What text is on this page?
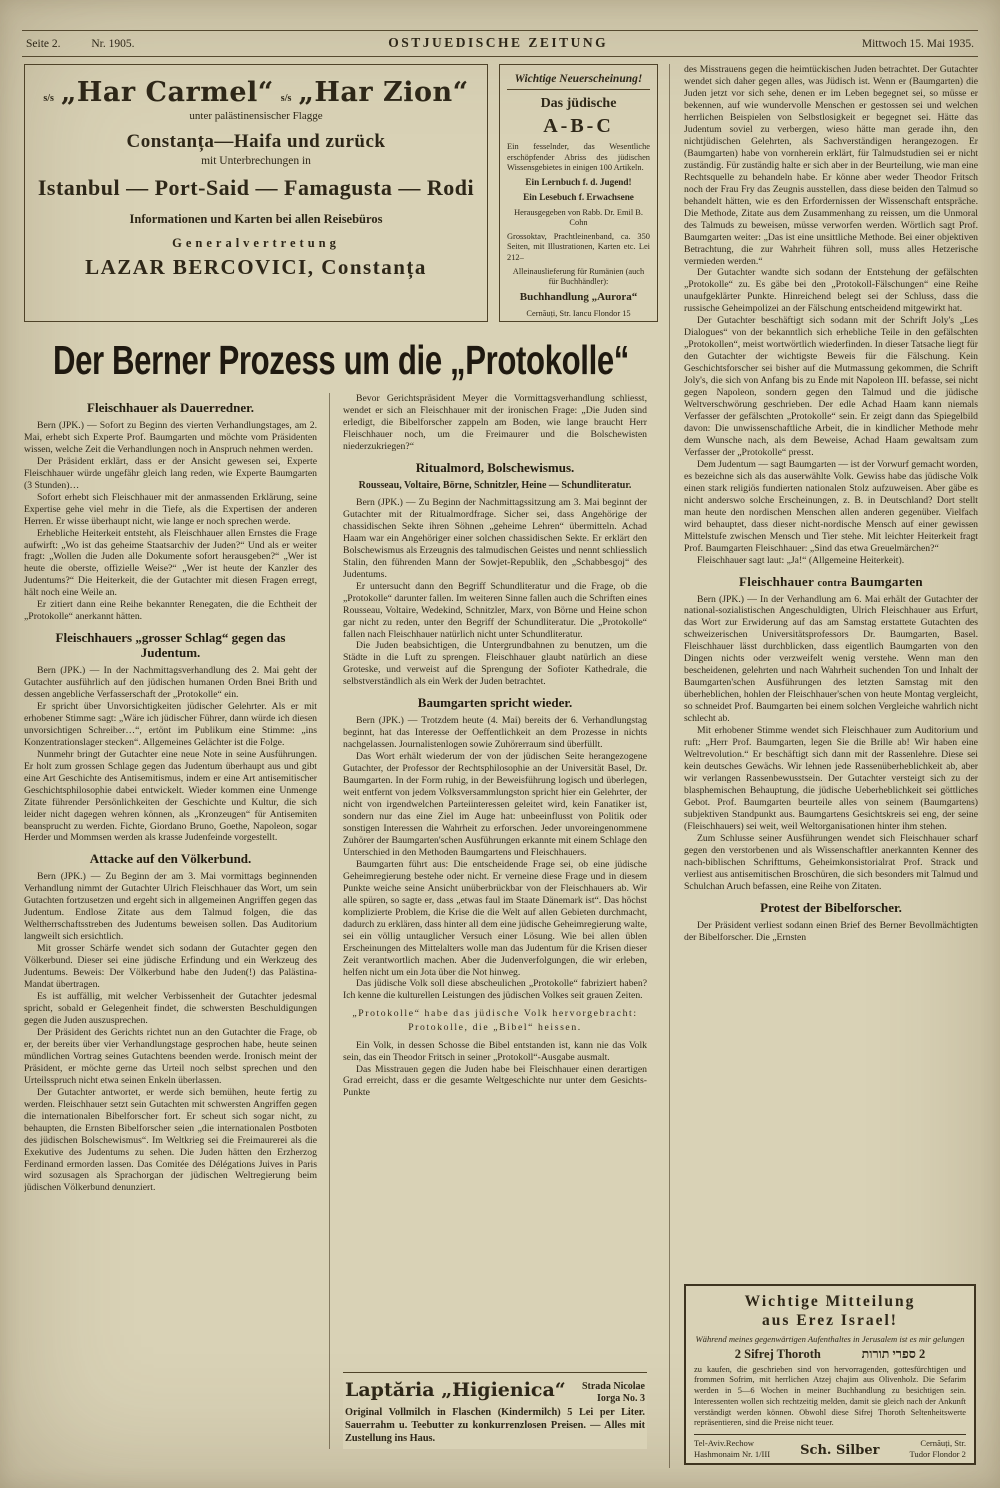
Seite 2.	Nr. 1905.	OSTJUEDISCHE ZEITUNG	Mittwoch 15. Mai 1935.
s/s „Har Carmel“ s/s „Har Zion“
unter palästinensischer Flagge
Constanța—Haifa und zurück
mit Unterbrechungen in
Istanbul — Port-Said — Famagusta — Rodi
Informationen und Karten bei allen Reisebüros
Generalvertretung
LAZAR BERCOVICI, Constanța
Wichtige Neuerscheinung!
Das jüdische
A-B-C
Ein fesselnder, das Wesentliche erschöpfender Abriss des jüdischen Wissensgebietes in einigen 100 Artikeln.
Ein Lernbuch f. d. Jugend!
Ein Lesebuch f. Erwachsene
Herausgegeben von Rabb. Dr. Emil B. Cohn
Grossoktav, Prachtleinenband, ca. 350 Seiten, mit Illustrationen, Karten etc. Lei 212–
Alleinauslieferung für Rumänien (auch für Buchhändler):
Buchhandlung „Aurora“
Cernăuți, Str. Iancu Flondor 15
Der Berner Prozess um die „Protokolle“
Fleischhauer als Dauerredner.

Bern (JPK.) — Sofort zu Beginn des vierten Verhandlungstages, am 2. Mai, erhebt sich Experte Prof. Baumgarten und möchte vom Präsidenten wissen, welche Zeit die Verhandlungen noch in Anspruch nehmen werden.

Der Präsident erklärt, dass er der Ansicht gewesen sei, Experte Fleischhauer würde ungefähr gleich lang reden, wie Experte Baumgarten (3 Stunden)…

Sofort erhebt sich Fleischhauer mit der anmassenden Erklärung, seine Expertise gehe viel mehr in die Tiefe, als die Expertisen der anderen Herren. Er wisse überhaupt nicht, wie lange er noch sprechen werde.

Erhebliche Heiterkeit entsteht, als Fleischhauer allen Ernstes die Frage aufwirft: „Wo ist das geheime Staatsarchiv der Juden?“ Und als er weiter fragt: „Wollen die Juden alle Dokumente sofort herausgeben?“ „Wer ist heute die oberste, offizielle Weise?“ „Wer ist heute der Kanzler des Judentums?“ Die Heiterkeit, die der Gutachter mit diesen Fragen erregt, hält noch eine Weile an.

Er zitiert dann eine Reihe bekannter Renegaten, die die Echtheit der „Protokolle“ anerkannt hätten.

Fleischhauers „grosser Schlag“ gegen das Judentum.

Bern (JPK.) — In der Nachmittagsverhandlung des 2. Mai geht der Gutachter ausführlich auf den jüdischen humanen Orden Bnei Brith und dessen angebliche Verfasserschaft der „Protokolle“ ein.

Er spricht über Unvorsichtigkeiten jüdischer Gelehrter. Als er mit erhobener Stimme sagt: „Wäre ich jüdischer Führer, dann würde ich diesen unvorsichtigen Schreiber…“, ertönt im Publikum eine Stimme: „ins Konzentrationslager stecken“. Allgemeines Gelächter ist die Folge.

Nunmehr bringt der Gutachter eine neue Note in seine Ausführungen. Er holt zum grossen Schlage gegen das Judentum überhaupt aus und gibt eine Art Geschichte des Antisemitismus, indem er eine Art antisemitischer Geschichtsphilosophie dabei entwickelt. Wieder kommen eine Unmenge Zitate führender Persönlichkeiten der Geschichte und Kultur, die sich leider nicht dagegen wehren können, als „Kronzeugen“ für Antisemiten beansprucht zu werden. Fichte, Giordano Bruno, Goethe, Napoleon, sogar Herder und Mommsen werden als krasse Judenfeinde vorgestellt.

Attacke auf den Völkerbund.

Bern (JPK.) — Zu Beginn der am 3. Mai vormittags beginnenden Verhandlung nimmt der Gutachter Ulrich Fleischhauer das Wort, um sein Gutachten fortzusetzen und ergeht sich in allgemeinen Angriffen gegen das Judentum. Endlose Zitate aus dem Talmud folgen, die das Weltherrschaftsstreben des Judentums beweisen sollen. Das Auditorium langweilt sich ersichtlich.

Mit grosser Schärfe wendet sich sodann der Gutachter gegen den Völkerbund. Dieser sei eine jüdische Erfindung und ein Werkzeug des Judentums. Beweis: Der Völkerbund habe den Juden(!) das Palästina-Mandat übertragen.

Es ist auffällig, mit welcher Verbissenheit der Gutachter jedesmal spricht, sobald er Gelegenheit findet, die schwersten Beschuldigungen gegen die Juden auszusprechen.

Der Präsident des Gerichts richtet nun an den Gutachter die Frage, ob er, der bereits über vier Verhandlungstage gesprochen habe, heute seinen mündlichen Vortrag seines Gutachtens beenden werde. Ironisch meint der Präsident, er möchte gerne das Urteil noch selbst sprechen und den Urteilsspruch nicht etwa seinen Enkeln überlassen.

Der Gutachter antwortet, er werde sich bemühen, heute fertig zu werden. Fleischhauer setzt sein Gutachten mit schwersten Angriffen gegen die internationalen Bibelforscher fort. Er scheut sich sogar nicht, zu behaupten, die Ernsten Bibelforscher seien „die internationalen Postboten des jüdischen Bolschewismus“. Im Weltkrieg sei die Freimaurerei als die Exekutive des Judentums zu sehen. Die Juden hätten den Erzherzog Ferdinand ermorden lassen. Das Comitée des Délégations Juives in Paris wird sozusagen als Sprachorgan der jüdischen Weltregierung beim jüdischen Völkerbund denunziert.

Bevor Gerichtspräsident Meyer die Vormittagsverhandlung schliesst, wendet er sich an Fleischhauer mit der ironischen Frage: „Die Juden sind erledigt, die Bibelforscher zappeln am Boden, wie lange braucht Herr Fleischhauer noch, um die Freimaurer und die Bolschewisten niederzukriegen?“

Ritualmord, Bolschewismus.
Rousseau, Voltaire, Börne, Schnitzler, Heine — Schundliteratur.

Bern (JPK.) — Zu Beginn der Nachmittagssitzung am 3. Mai beginnt der Gutachter mit der Ritualmordfrage. Sicher sei, dass Angehörige der chassidischen Sekte ihren Söhnen „geheime Lehren“ übermitteln. Achad Haam war ein Angehöriger einer solchen chassidischen Sekte. Er erklärt den Bolschewismus als Erzeugnis des talmudischen Geistes und nennt schliesslich Stalin, den führenden Mann der Sowjet-Republik, den „Schabbesgoj“ des Judentums.

Er untersucht dann den Begriff Schundliteratur und die Frage, ob die „Protokolle“ darunter fallen. Im weiteren Sinne fallen auch die Schriften eines Rousseau, Voltaire, Wedekind, Schnitzler, Marx, von Börne und Heine schon gar nicht zu reden, unter den Begriff der Schundliteratur. Die „Protokolle“ fallen nach Fleischhauer natürlich nicht unter Schundliteratur.

Die Juden beabsichtigen, die Untergrundbahnen zu benutzen, um die Städte in die Luft zu sprengen. Fleischhauer glaubt natürlich an diese Groteske, und verweist auf die Sprengung der Sofioter Kathedrale, die selbstverständlich als ein Werk der Juden betrachtet.

Baumgarten spricht wieder.

Bern (JPK.) — Trotzdem heute (4. Mai) bereits der 6. Verhandlungstag beginnt, hat das Interesse der Oeffentlichkeit an dem Prozesse in nichts nachgelassen. Journalistenlogen sowie Zuhörerraum sind überfüllt.

Das Wort erhält wiederum der von der jüdischen Seite herangezogene Gutachter, der Professor der Rechtsphilosophie an der Universität Basel, Dr. Baumgarten. In der Form ruhig, in der Beweisführung logisch und überlegen, weit entfernt von jedem Volksversammlungston spricht hier ein Gelehrter, der nicht von irgendwelchen Parteiinteressen geleitet wird, kein Fanatiker ist, sondern nur das eine Ziel im Auge hat: unbeeinflusst von Politik oder sonstigen Interessen die Wahrheit zu erforschen. Jeder unvoreingenommene Zuhörer der Baumgarten'schen Ausführungen erkannte mit einem Schlage den Unterschied in den Methoden Baumgartens und Fleischhauers.

Baumgarten führt aus: Die entscheidende Frage sei, ob eine jüdische Geheimregierung bestehe oder nicht. Er verneine diese Frage und in diesem Punkte weiche seine Ansicht unüberbrückbar von der Fleischhauers ab. Wir alle spüren, so sagte er, dass „etwas faul im Staate Dänemark ist“. Das höchst komplizierte Problem, die Krise die die Welt auf allen Gebieten durchmacht, dadurch zu erklären, dass hinter all dem eine jüdische Geheimregierung walte, sei ein völlig untauglicher Versuch einer Lösung. Wie bei allen üblen Erscheinungen des Mittelalters wolle man das Judentum für die Krisen dieser Zeit verantwortlich machen. Aber die Judenverfolgungen, die wir erleben, helfen nicht um ein Jota über die Not hinweg.

Das jüdische Volk soll diese abscheulichen „Protokolle“ fabriziert haben? Ich kenne die kulturellen Leistungen des jüdischen Volkes seit grauen Zeiten.

„Protokolle“ habe das jüdische Volk hervorgebracht: Protokolle, die „Bibel“ heissen.

Ein Volk, in dessen Schosse die Bibel entstanden ist, kann nie das Volk sein, das ein Theodor Fritsch in seiner „Protokoll“-Ausgabe ausmalt.

Das Misstrauen gegen die Juden habe bei Fleischhauer einen derartigen Grad erreicht, dass er die gesamte Weltgeschichte nur unter dem Gesichts-Punkte

Laptăria „Higienica“ Strada Nicolae
Iorga No. 3

Original Vollmilch in Flaschen (Kindermilch) 5 Lei per Liter. Sauerrahm u. Teebutter zu konkurrenzlosen Preisen. — Alles mit Zustellung ins Haus.

des Misstrauens gegen die heimtückischen Juden betrachtet. Der Gutachter wendet sich daher gegen alles, was Jüdisch ist. Wenn er (Baumgarten) die Juden jetzt vor sich sehe, denen er im Leben begegnet sei, so müsse er bekennen, auf wie wundervolle Menschen er gestossen sei und welchen herrlichen Beispielen von Selbstlosigkeit er begegnet sei. Hätte das Judentum soviel zu verbergen, wieso hätte man gerade ihn, den nichtjüdischen Gelehrten, als Sachverständigen herangezogen. Er (Baumgarten) habe von vornherein erklärt, für Talmudstudien sei er nicht zuständig. Für zuständig halte er sich aber in der Beurteilung, wie man eine Rechtsquelle zu behandeln habe. Er könne aber weder Theodor Fritsch noch der Frau Fry das Zeugnis ausstellen, dass diese beiden den Talmud so behandelt hätten, wie es den Erfordernissen der Wissenschaft entspräche. Die Methode, Zitate aus dem Zusammenhang zu reissen, um die Unmoral des Talmuds zu beweisen, müsse verworfen werden. Wörtlich sagt Prof. Baumgarten weiter: „Das ist eine unsittliche Methode. Bei einer objektiven Betrachtung, die zur Wahrheit führen soll, muss alles Hetzerische vermieden werden.“

Der Gutachter wandte sich sodann der Entstehung der gefälschten „Protokolle“ zu. Es gäbe bei den „Protokoll-Fälschungen“ eine Reihe unaufgeklärter Punkte. Hinreichend belegt sei der Schluss, dass die russische Geheimpolizei an der Fälschung entscheidend mitgewirkt hat.

Der Gutachter beschäftigt sich sodann mit der Schrift Joly's „Les Dialogues“ von der bekanntlich sich erhebliche Teile in den gefälschten „Protokollen“, meist wortwörtlich wiederfinden. In dieser Tatsache liegt für den Gutachter der wichtigste Beweis für die Fälschung. Kein Geschichtsforscher sei bisher auf die Mutmassung gekommen, die Schrift Joly's, die sich von Anfang bis zu Ende mit Napoleon III. befasse, sei nicht gegen Napoleon, sondern gegen den Talmud und die jüdische Weltverschwörung geschrieben. Der edle Achad Haam kann niemals Verfasser der gefälschten „Protokolle“ sein. Er zeigt dann das Spiegelbild davon: Die unwissenschaftliche Arbeit, die in kindlicher Methode mehr dem Wunsche nach, als dem Beweise, Achad Haam gewaltsam zum Verfasser der „Protokolle“ presst.

Dem Judentum — sagt Baumgarten — ist der Vorwurf gemacht worden, es bezeichne sich als das auserwählte Volk. Gewiss habe das jüdische Volk einen stark religiös fundierten nationalen Stolz aufzuweisen. Aber gäbe es nicht anderswo solche Erscheinungen, z. B. in Deutschland? Dort stellt man heute den nordischen Menschen allen anderen gegenüber. Vielfach wird behauptet, dass dieser nicht-nordische Mensch auf einer gewissen Mittelstufe zwischen Mensch und Tier stehe. Mit leichter Heiterkeit fragt Prof. Baumgarten Fleischhauer: „Sind das etwa Greuelmärchen?“

Fleischhauer sagt laut: „Ja!“ (Allgemeine Heiterkeit).

Fleischhauer contra Baumgarten

Bern (JPK.) — In der Verhandlung am 6. Mai erhält der Gutachter der national-sozialistischen Angeschuldigten, Ulrich Fleischhauer aus Erfurt, das Wort zur Erwiderung auf das am Samstag erstattete Gutachten des schweizerischen Universitätsprofessors Dr. Baumgarten, Basel. Fleischhauer lässt durchblicken, dass eigentlich Baumgarten von den Dingen nichts oder verzweifelt wenig verstehe. Wenn man den bescheidenen, gelehrten und nach Wahrheit suchenden Ton und Inhalt der Baumgarten'schen Ausführungen des letzten Samstag mit den überheblichen, hohlen der Fleischhauer'schen von heute Montag vergleicht, so schneidet Prof. Baumgarten bei einem solchen Vergleiche wahrlich nicht schlecht ab.

Mit erhobener Stimme wendet sich Fleischhauer zum Auditorium und ruft: „Herr Prof. Baumgarten, legen Sie die Brille ab! Wir haben eine Weltrevolution.“ Er beschäftigt sich dann mit der Rassenlehre. Diese sei kein deutsches Gewächs. Wir lehnen jede Rassenüberheblichkeit ab, aber wir verlangen Rassenbewusstsein. Der Gutachter versteigt sich zu der blasphemischen Behauptung, die jüdische Ueberheblichkeit sei göttliches Gebot. Prof. Baumgarten beurteile alles von seinem (Baumgartens) subjektiven Standpunkt aus. Baumgartens Gesichtskreis sei eng, der seine (Fleischhauers) sei weit, weil Weltorganisationen hinter ihm stehen.

Zum Schlusse seiner Ausführungen wendet sich Fleischhauer scharf gegen den verstorbenen und als Wissenschaftler anerkannten Kenner des nach-biblischen Schrifttums, Geheimkonsistorialrat Prof. Strack und verliest aus antisemitischen Broschüren, die sich besonders mit Talmud und Schulchan Aruch befassen, eine Reihe von Zitaten.

Protest der Bibelforscher.

Der Präsident verliest sodann einen Brief des Berner Bevollmächtigten der Bibelforscher. Die „Ernsten

Wichtige Mitteilung
aus Erez Israel!

Während meines gegenwärtigen Aufenthaltes in Jerusalem ist es mir gelungen

2 Sifrej Thoroth	2 ספרי תורות

zu kaufen, die geschrieben sind von hervorragenden, gottesfürchtigen und frommen Sofrim, mit herrlichen Atzej chajim aus Olivenholz. Die Sefarim werden in 5—6 Wochen in meiner Buchhandlung zu besichtigen sein. Interessenten wollen sich rechtzeitig melden, damit sie gleich nach der Ankunft verständigt werden können. Obwohl diese Sifrej Thoroth Seltenheitswerte repräsentieren, sind die Preise nicht teuer.

Tel-Aviv.Rechow
Hashmonaim Nr. 1/III Sch. Silber	Cernăuți, Str.
Tudor Flondor 2
